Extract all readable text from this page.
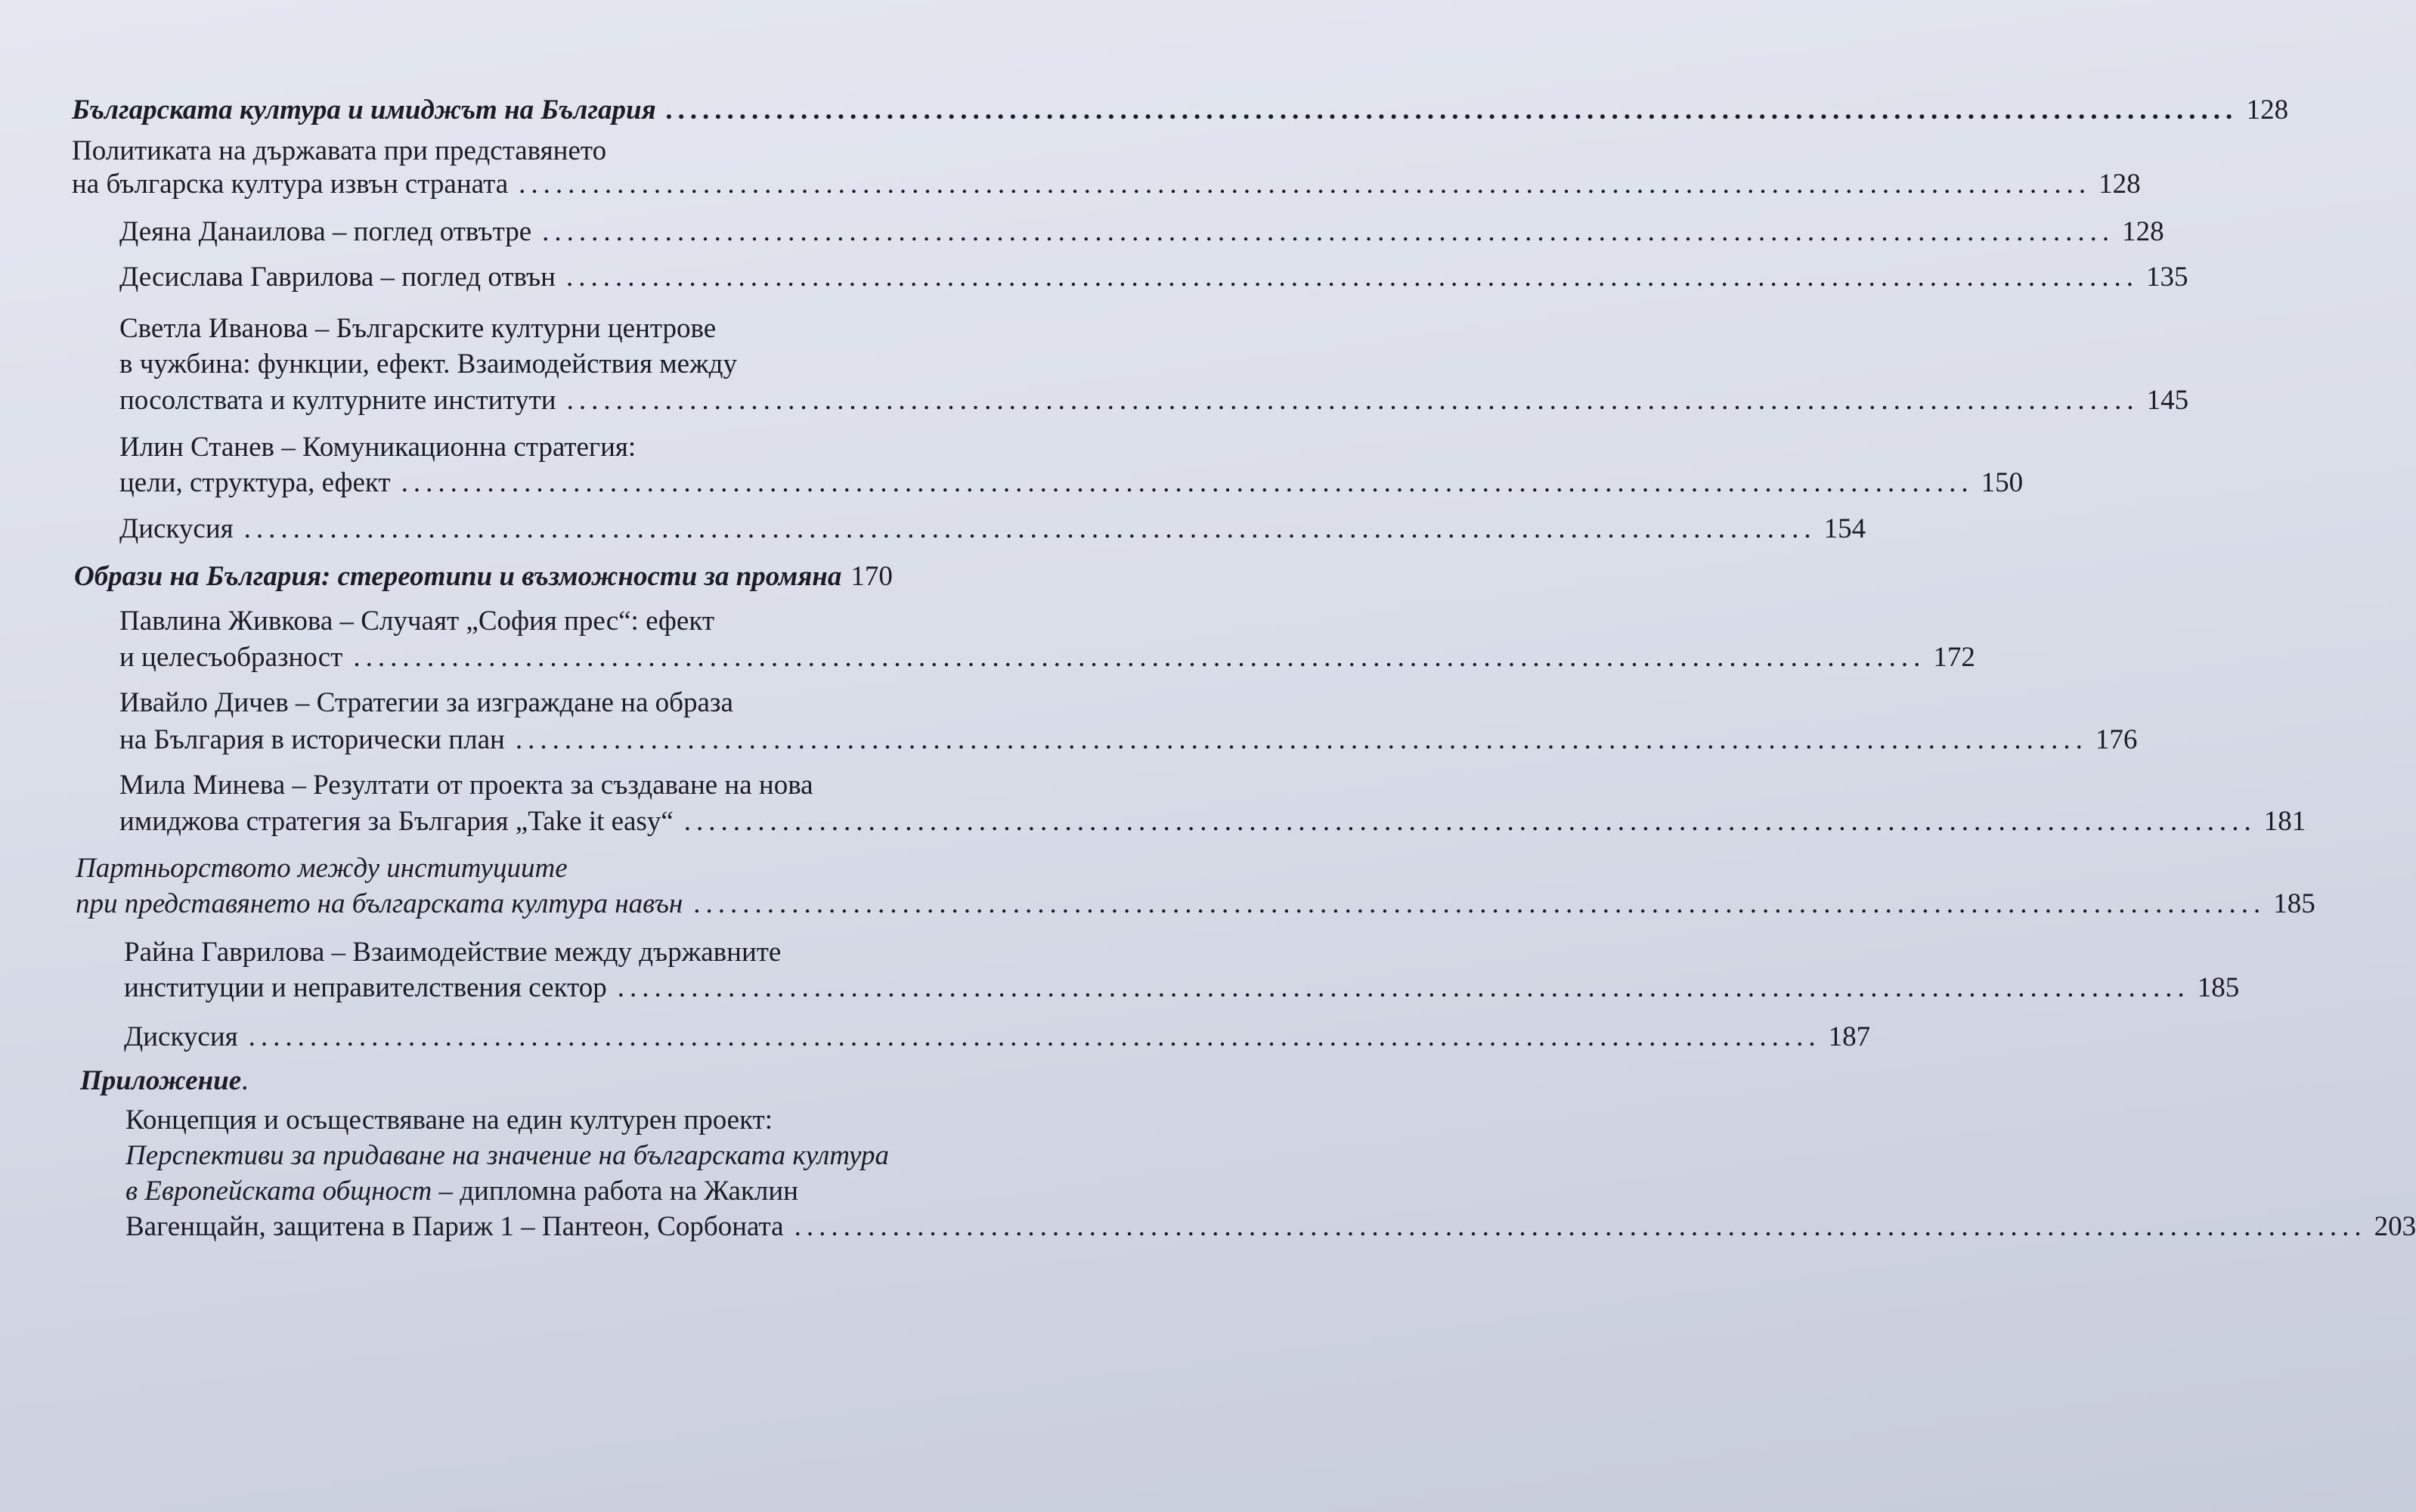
Българската култура и имиджът на България ................................................................................................................................ 128
Политиката на държавата при представянето
на българска култура извън страната ................................................................................................................................ 128
Деяна Данаилова – поглед отвътре ................................................................................................................................ 128
Десислава Гаврилова – поглед отвън ................................................................................................................................ 135
Светла Иванова – Българските културни центрове
в чужбина: функции, ефект. Взаимодействия между
посолствата и културните институти ................................................................................................................................ 145
Илин Станев – Комуникационна стратегия:
цели, структура, ефект ................................................................................................................................ 150
Дискусия ................................................................................................................................ 154
Образи на България: стереотипи и възможности за промяна 170
Павлина Живкова – Случаят „София прес“: ефект
и целесъобразност ................................................................................................................................ 172
Ивайло Дичев – Стратегии за изграждане на образа
на България в исторически план ................................................................................................................................ 176
Мила Минева – Резултати от проекта за създаване на нова
имиджова стратегия за България „Take it easy“ ................................................................................................................................ 181
Партньорството между институциите
при представянето на българската култура навън ................................................................................................................................ 185
Райна Гаврилова – Взаимодействие между държавните
институции и неправителствения сектор ................................................................................................................................ 185
Дискусия ................................................................................................................................ 187
Приложение.
Концепция и осъществяване на един културен проект:
Перспективи за придаване на значение на българската култура
в Европейската общност – дипломна работа на Жаклин
Вагенщайн, защитена в Париж 1 – Пантеон, Сорбоната ................................................................................................................................ 203
